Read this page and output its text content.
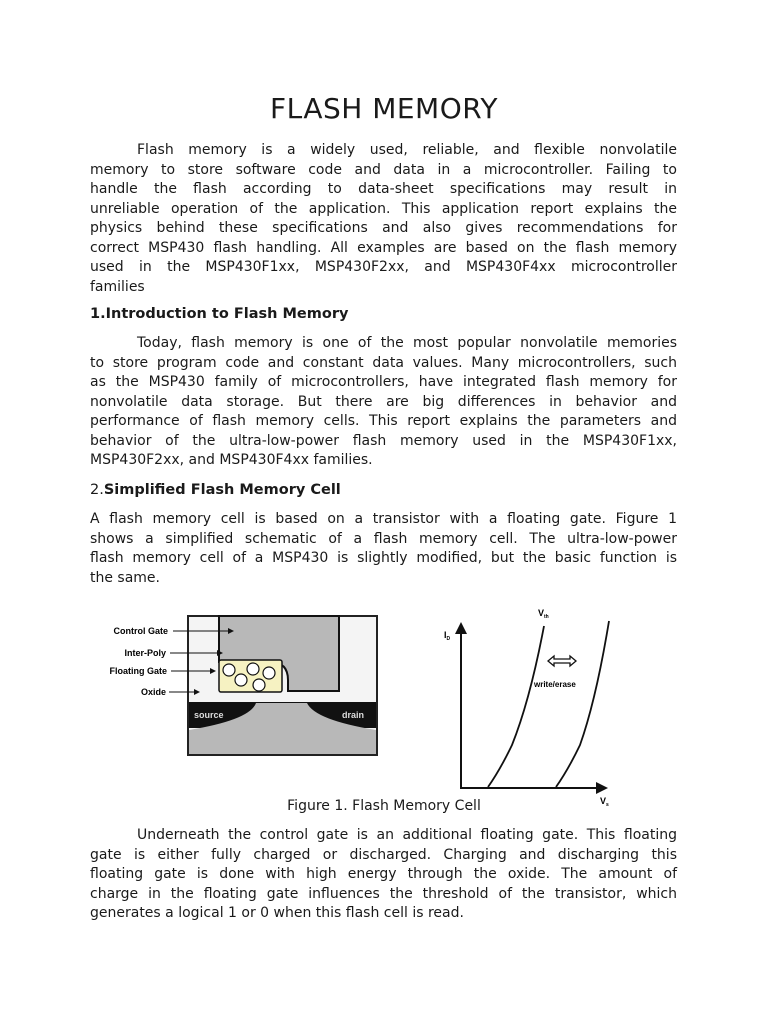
FLASH MEMORY
Flash memory is a widely used, reliable, and flexible nonvolatile
memory to store software code and data in a microcontroller. Failing to
handle the flash according to data-sheet specifications may result in
unreliable operation of the application. This application report explains the
physics behind these specifications and also gives recommendations for
correct MSP430 flash handling. All examples are based on the flash memory
used in the MSP430F1xx, MSP430F2xx, and MSP430F4xx microcontroller
families
1.Introduction to Flash Memory
Today, flash memory is one of the most popular nonvolatile memories
to store program code and constant data values. Many microcontrollers, such
as the MSP430 family of microcontrollers, have integrated flash memory for
nonvolatile data storage. But there are big differences in behavior and
performance of flash memory cells. This report explains the parameters and
behavior of the ultra-low-power flash memory used in the MSP430F1xx,
MSP430F2xx, and MSP430F4xx families.
2.Simplified Flash Memory Cell
A flash memory cell is based on a transistor with a floating gate. Figure 1
shows a simplified schematic of a flash memory cell. The ultra-low-power
flash memory cell of a MSP430 is slightly modified, but the basic function is
the same.
source	drain
Control Gate
Inter-Poly
Floating Gate
Oxide
write/erase
$I_D$
$V_s$
$V_{th}$
Figure 1. Flash Memory Cell
Underneath the control gate is an additional floating gate. This floating
gate is either fully charged or discharged. Charging and discharging this
floating gate is done with high energy through the oxide. The amount of
charge in the floating gate influences the threshold of the transistor, which
generates a logical 1 or 0 when this flash cell is read.
